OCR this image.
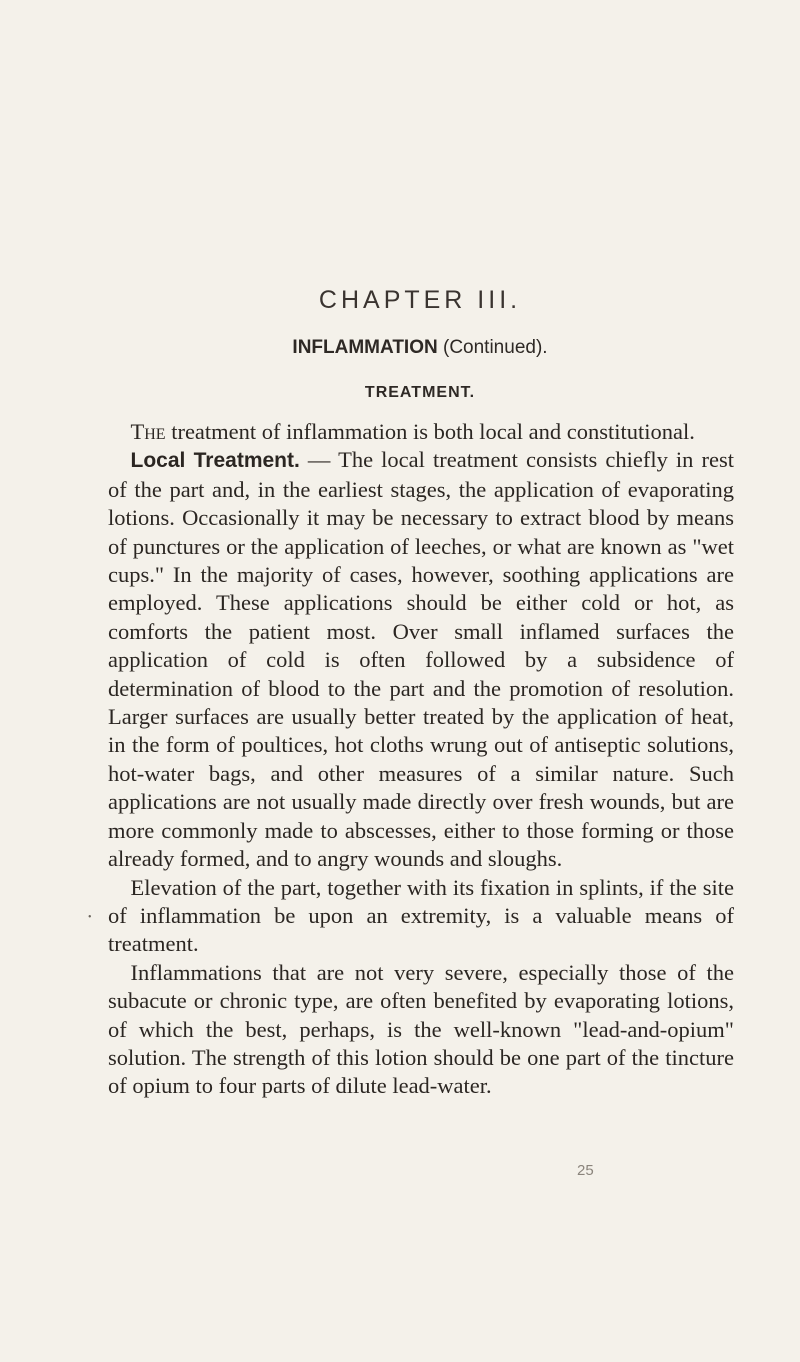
CHAPTER III.
INFLAMMATION (Continued).
TREATMENT.

The treatment of inflammation is both local and constitutional.

Local Treatment. — The local treatment consists chiefly in rest of the part and, in the earliest stages, the application of evaporating lotions. Occasionally it may be necessary to extract blood by means of punctures or the application of leeches, or what are known as "wet cups." In the majority of cases, however, soothing applications are employed. These applications should be either cold or hot, as comforts the patient most. Over small inflamed surfaces the application of cold is often followed by a subsidence of determination of blood to the part and the promotion of resolution. Larger surfaces are usually better treated by the application of heat, in the form of poultices, hot cloths wrung out of antiseptic solutions, hot-water bags, and other measures of a similar nature. Such applications are not usually made directly over fresh wounds, but are more commonly made to abscesses, either to those forming or those already formed, and to angry wounds and sloughs.

Elevation of the part, together with its fixation in splints, if the site of inflammation be upon an extremity, is a valuable means of treatment.

Inflammations that are not very severe, especially those of the subacute or chronic type, are often benefited by evaporating lotions, of which the best, perhaps, is the well-known "lead-and-opium" solution. The strength of this lotion should be one part of the tincture of opium to four parts of dilute lead-water.

25
•
